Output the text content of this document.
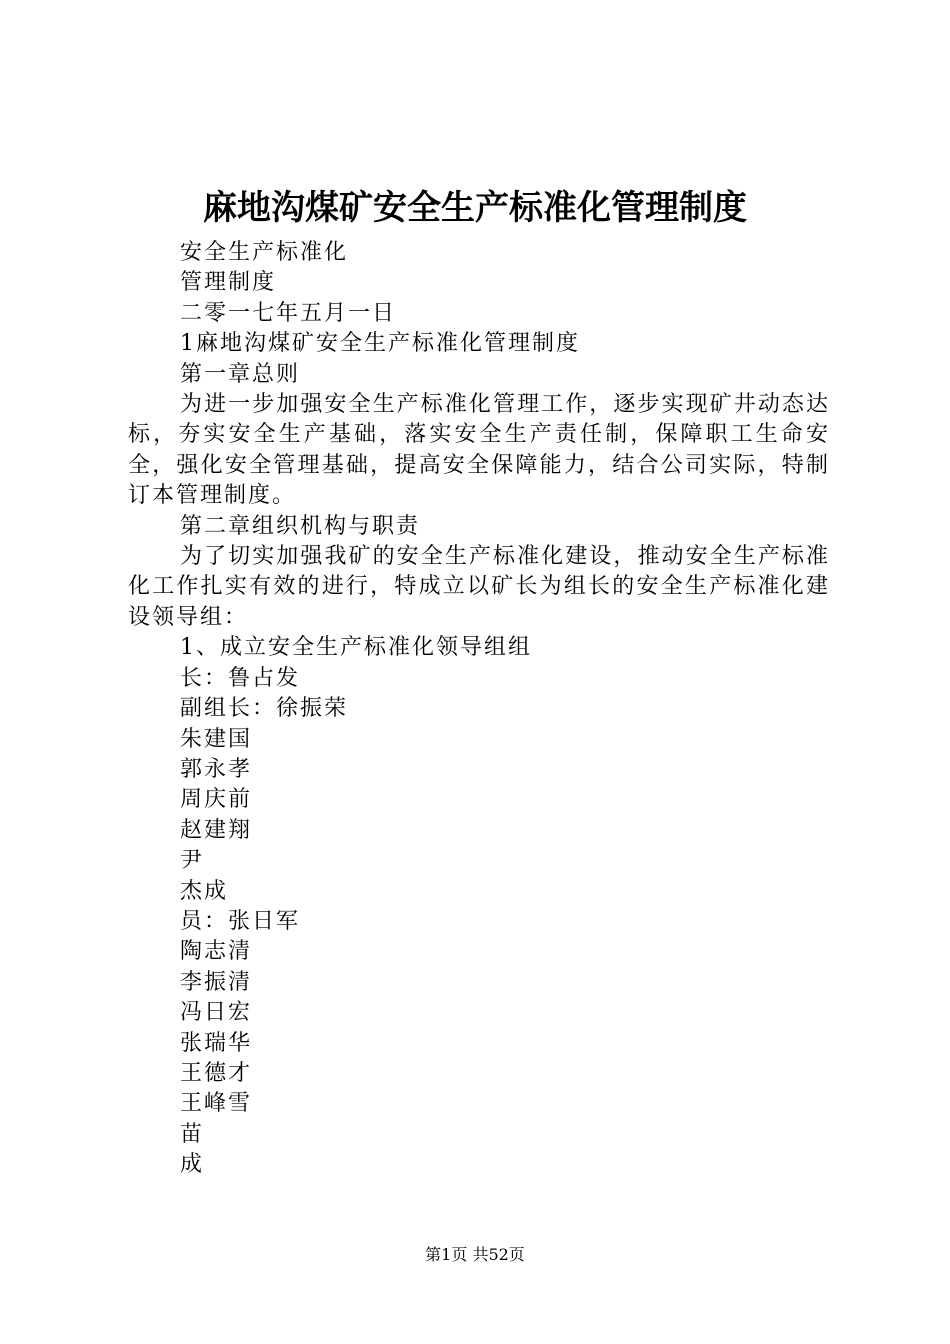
麻地沟煤矿安全生产标准化管理制度

安全生产标准化

管理制度

二零一七年五月一日

1麻地沟煤矿安全生产标准化管理制度

第一章总则

为进一步加强安全生产标准化管理工作，逐步实现矿井动态达标，夯实安全生产基础，落实安全生产责任制，保障职工生命安全，强化安全管理基础，提高安全保障能力，结合公司实际，特制订本管理制度。

第二章组织机构与职责

为了切实加强我矿的安全生产标准化建设，推动安全生产标准化工作扎实有效的进行，特成立以矿长为组长的安全生产标准化建设领导组：

1、成立安全生产标准化领导组组

长：鲁占发

副组长：徐振荣

朱建国

郭永孝

周庆前

赵建翔

尹

杰成

员：张日军

陶志清

李振清

冯日宏

张瑞华

王德才

王峰雪

苗

成

第1页 共52页
